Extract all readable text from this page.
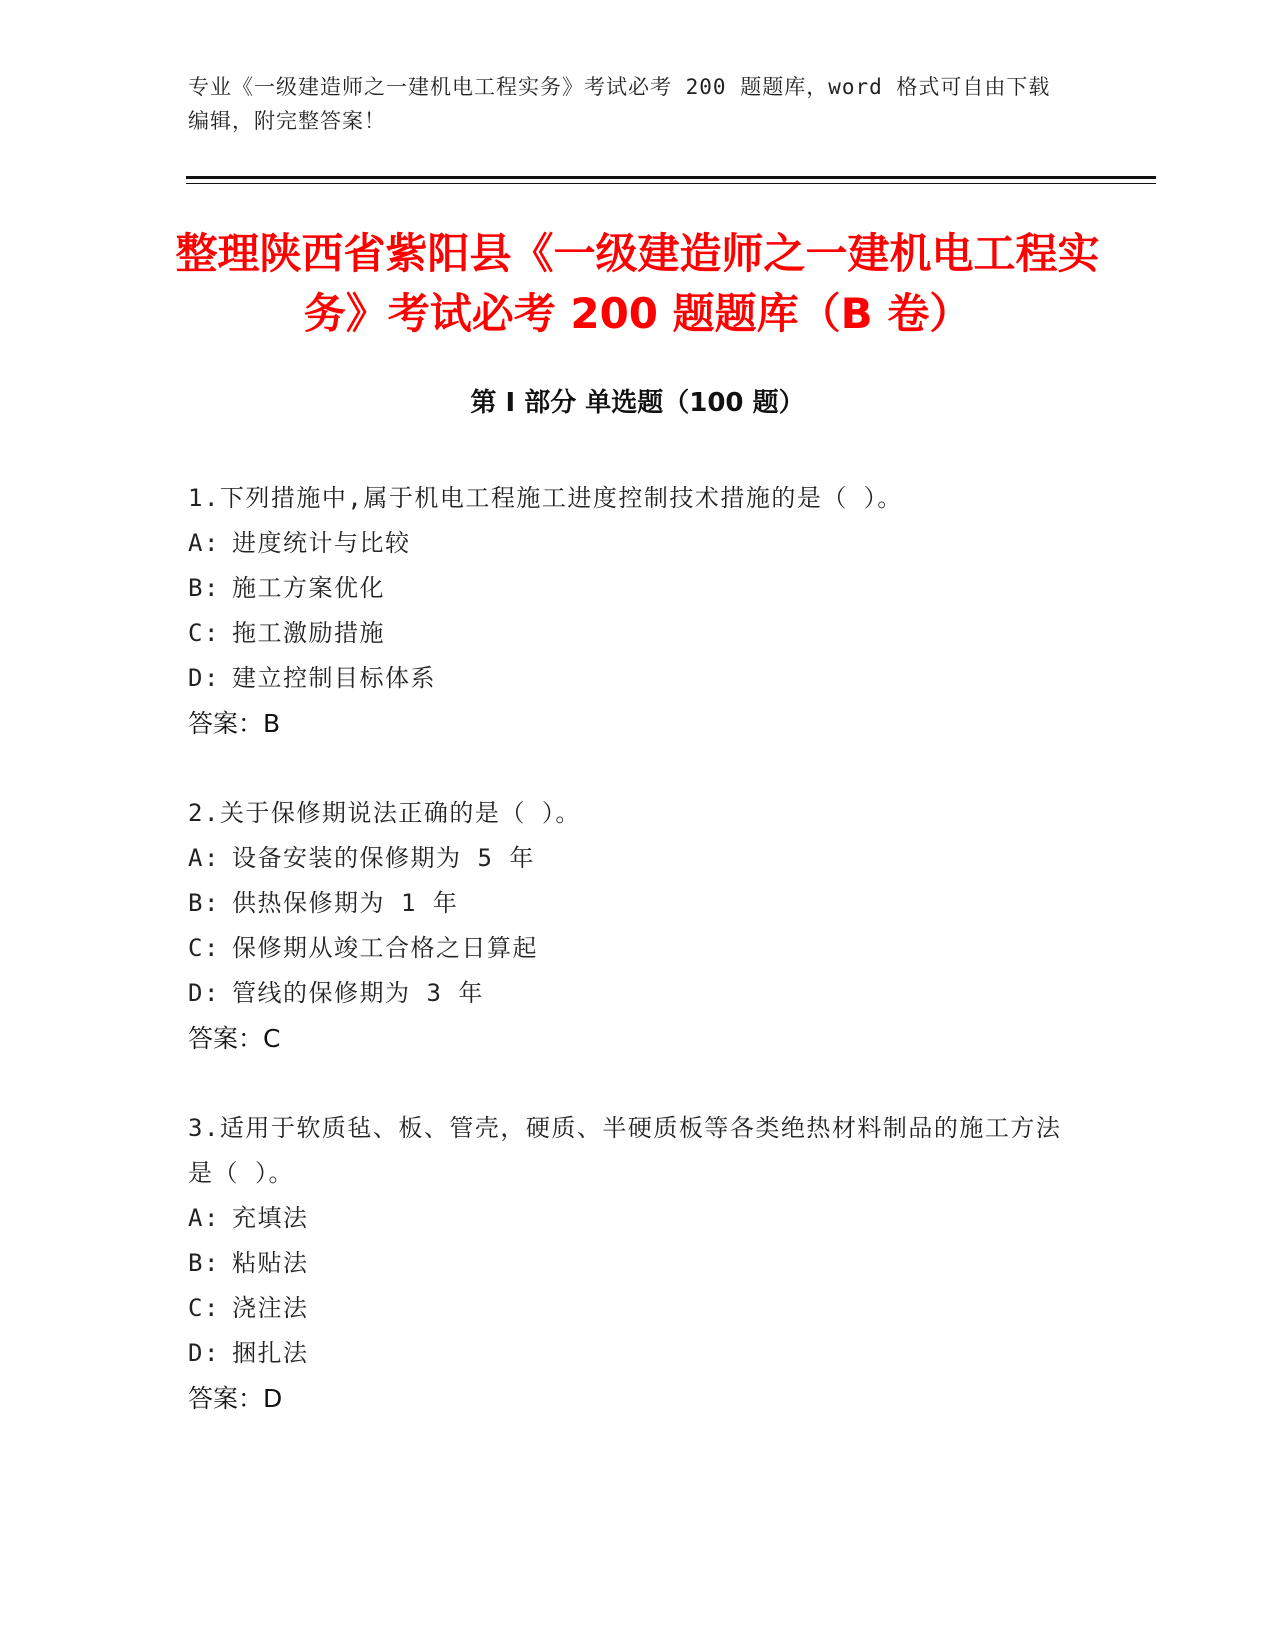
专业《一级建造师之一建机电工程实务》考试必考 200 题题库，word 格式可自由下载编辑，附完整答案！
整理陕西省紫阳县《一级建造师之一建机电工程实务》考试必考 200 题题库（B 卷）
第 I 部分 单选题（100 题）

1.下列措施中,属于机电工程施工进度控制技术措施的是（ ）。

A: 进度统计与比较

B: 施工方案优化

C: 拖工激励措施

D: 建立控制目标体系

答案：B

2.关于保修期说法正确的是（ ）。

A: 设备安装的保修期为 5 年

B: 供热保修期为 1 年

C: 保修期从竣工合格之日算起

D: 管线的保修期为 3 年

答案：C

3.适用于软质毡、板、管壳，硬质、半硬质板等各类绝热材料制品的施工方法是（ ）。

A: 充填法

B: 粘贴法

C: 浇注法

D: 捆扎法

答案：D
